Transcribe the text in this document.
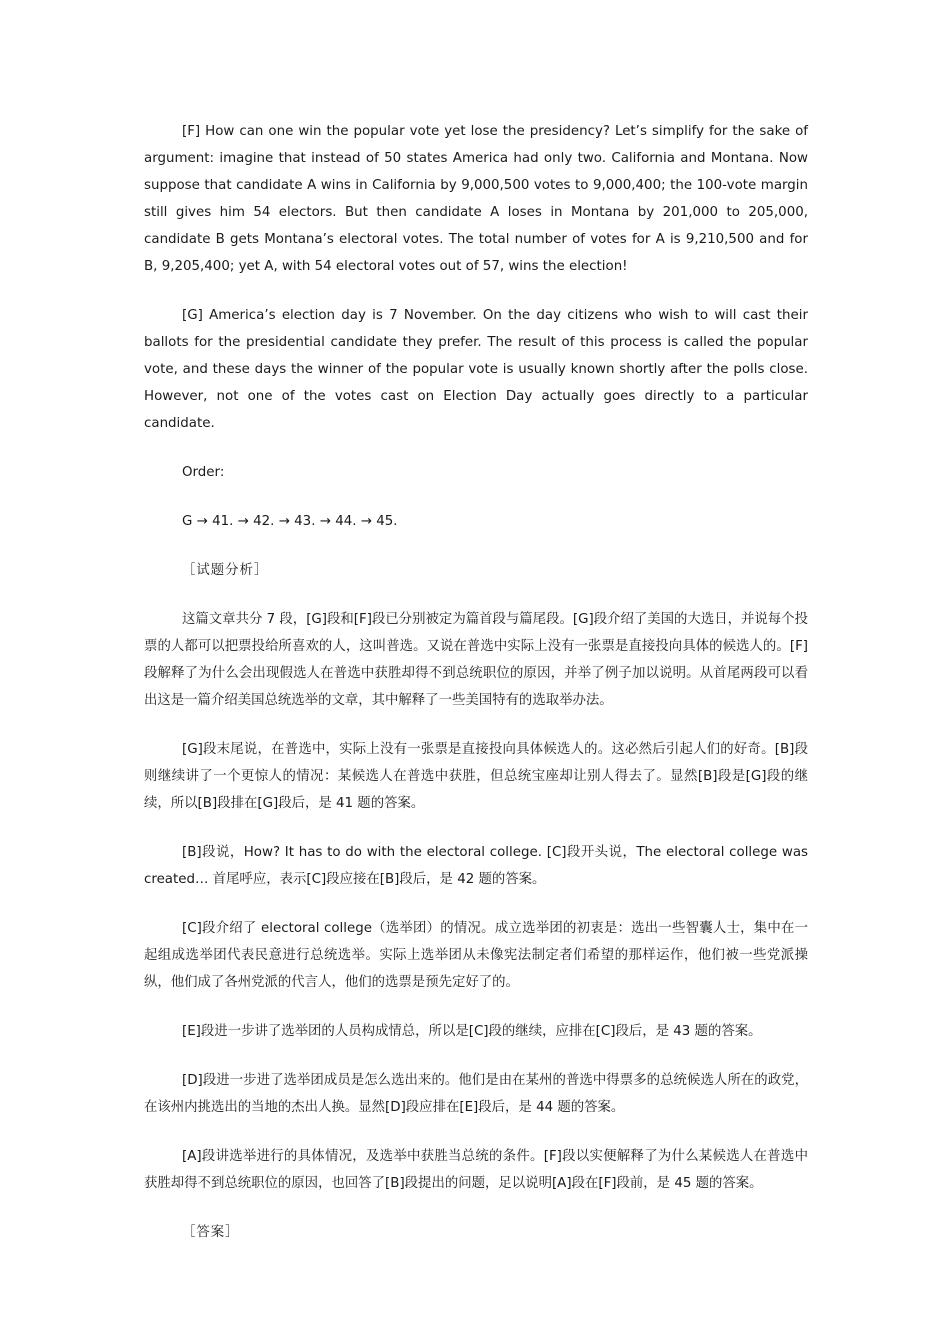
[F] How can one win the popular vote yet lose the presidency? Let’s simplify for the sake of argument: imagine that instead of 50 states America had only two. California and Montana. Now suppose that candidate A wins in California by 9,000,500 votes to 9,000,400; the 100-vote margin still gives him 54 electors. But then candidate A loses in Montana by 201,000 to 205,000, candidate B gets Montana’s electoral votes. The total number of votes for A is 9,210,500 and for B, 9,205,400; yet A, with 54 electoral votes out of 57, wins the election!

[G] America’s election day is 7 November. On the day citizens who wish to will cast their ballots for the presidential candidate they prefer. The result of this process is called the popular vote, and these days the winner of the popular vote is usually known shortly after the polls close. However, not one of the votes cast on Election Day actually goes directly to a particular candidate.

Order:

G → 41. → 42. → 43. → 44. → 45.

［试题分析］

这篇文章共分 7 段，[G]段和[F]段已分别被定为篇首段与篇尾段。[G]段介绍了美国的大选日，并说每个投票的人都可以把票投给所喜欢的人，这叫普选。又说在普选中实际上没有一张票是直接投向具体的候选人的。[F]段解释了为什么会出现假选人在普选中获胜却得不到总统职位的原因，并举了例子加以说明。从首尾两段可以看出这是一篇介绍美国总统选举的文章，其中解释了一些美国特有的选取举办法。

[G]段末尾说，在普选中，实际上没有一张票是直接投向具体候选人的。这必然后引起人们的好奇。[B]段则继续讲了一个更惊人的情况：某候选人在普选中获胜，但总统宝座却让别人得去了。显然[B]段是[G]段的继续，所以[B]段排在[G]段后，是 41 题的答案。

[B]段说，How? It has to do with the electoral college. [C]段开头说，The electoral college was created… 首尾呼应，表示[C]段应接在[B]段后，是 42 题的答案。

[C]段介绍了 electoral college（选举团）的情况。成立选举团的初衷是：选出一些智囊人士，集中在一起组成选举团代表民意进行总统选举。实际上选举团从未像宪法制定者们希望的那样运作，他们被一些党派操纵，他们成了各州党派的代言人，他们的选票是预先定好了的。

[E]段进一步讲了选举团的人员构成情总，所以是[C]段的继续，应排在[C]段后，是 43 题的答案。

[D]段进一步进了选举团成员是怎么选出来的。他们是由在某州的普选中得票多的总统候选人所在的政党，在该州内挑选出的当地的杰出人换。显然[D]段应排在[E]段后，是 44 题的答案。

[A]段讲选举进行的具体情况，及选举中获胜当总统的条件。[F]段以实便解释了为什么某候选人在普选中获胜却得不到总统职位的原因，也回答了[B]段提出的问题，足以说明[A]段在[F]段前，是 45 题的答案。

［答案］
